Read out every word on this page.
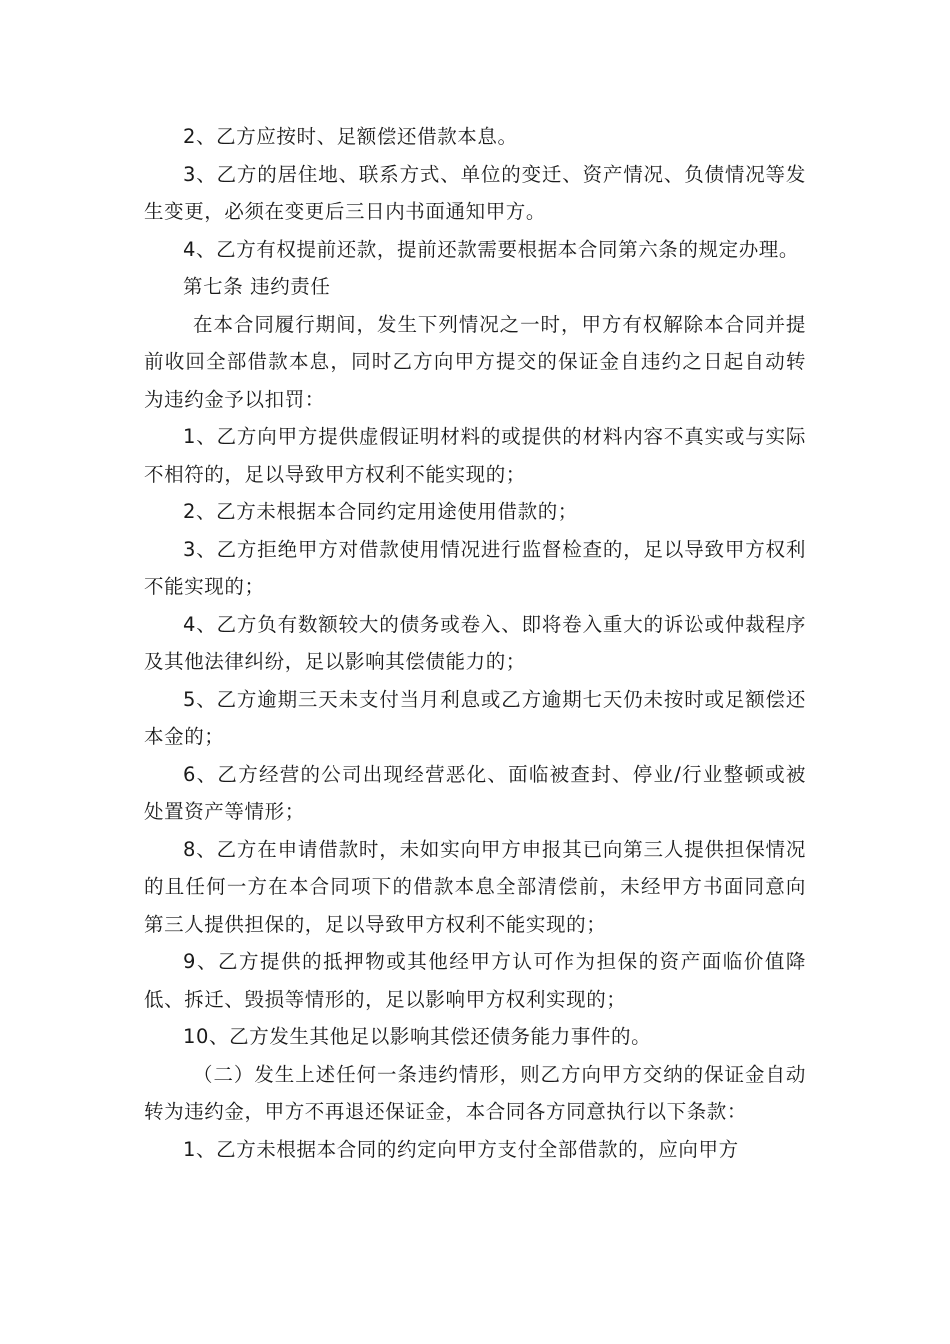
2、乙方应按时、足额偿还借款本息。

3、乙方的居住地、联系方式、单位的变迁、资产情况、负债情况等发生变更，必须在变更后三日内书面通知甲方。

4、乙方有权提前还款，提前还款需要根据本合同第六条的规定办理。

第七条 违约责任

在本合同履行期间，发生下列情况之一时，甲方有权解除本合同并提前收回全部借款本息，同时乙方向甲方提交的保证金自违约之日起自动转为违约金予以扣罚：

1、乙方向甲方提供虚假证明材料的或提供的材料内容不真实或与实际不相符的，足以导致甲方权利不能实现的；

2、乙方未根据本合同约定用途使用借款的；

3、乙方拒绝甲方对借款使用情况进行监督检查的，足以导致甲方权利不能实现的；

4、乙方负有数额较大的债务或卷入、即将卷入重大的诉讼或仲裁程序及其他法律纠纷，足以影响其偿债能力的；

5、乙方逾期三天未支付当月利息或乙方逾期七天仍未按时或足额偿还本金的；

6、乙方经营的公司出现经营恶化、面临被查封、停业/行业整顿或被处置资产等情形；

8、乙方在申请借款时，未如实向甲方申报其已向第三人提供担保情况的且任何一方在本合同项下的借款本息全部清偿前，未经甲方书面同意向第三人提供担保的，足以导致甲方权利不能实现的；

9、乙方提供的抵押物或其他经甲方认可作为担保的资产面临价值降低、拆迁、毁损等情形的，足以影响甲方权利实现的；

10、乙方发生其他足以影响其偿还债务能力事件的。

（二）发生上述任何一条违约情形，则乙方向甲方交纳的保证金自动转为违约金，甲方不再退还保证金，本合同各方同意执行以下条款：

1、乙方未根据本合同的约定向甲方支付全部借款的，应向甲方
